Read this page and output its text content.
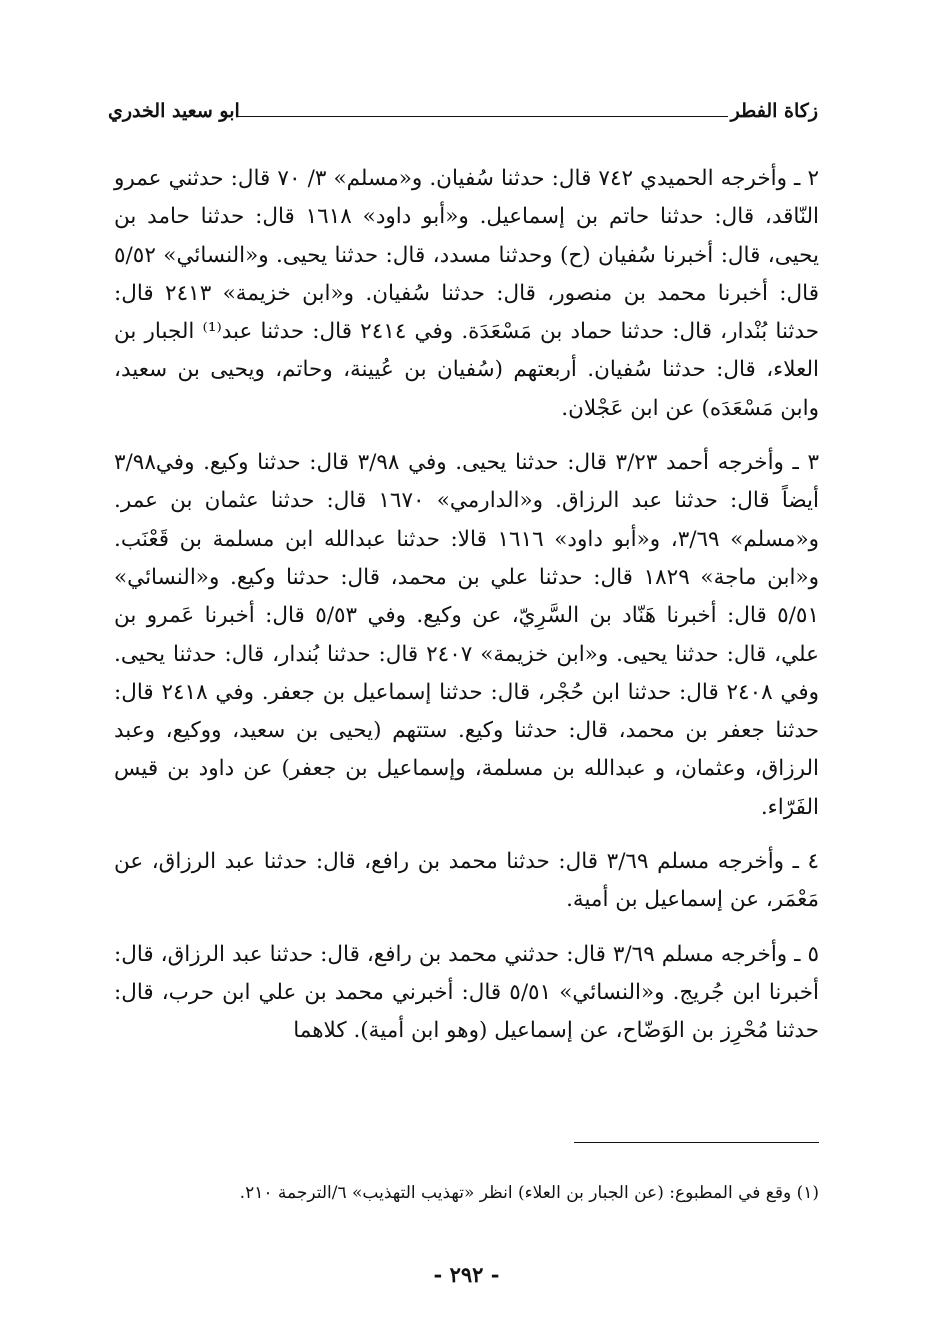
زكاة الفطر
ابو سعيد الخدري

٢ ـ وأخرجه الحميدي ٧٤٢ قال: حدثنا سُفيان. و«مسلم» ٣/ ٧٠ قال: حدثني عمرو النّاقد، قال: حدثنا حاتم بن إسماعيل. و«أبو داود» ١٦١٨ قال: حدثنا حامد بن يحيى، قال: أخبرنا سُفيان (ح) وحدثنا مسدد، قال: حدثنا يحيى. و«النسائي» ٥/٥٢ قال: أخبرنا محمد بن منصور، قال: حدثنا سُفيان. و«ابن خزيمة» ٢٤١٣ قال: حدثنا بُنْدار، قال: حدثنا حماد بن مَسْعَدَة. وفي ٢٤١٤ قال: حدثنا عبد⁽¹⁾ الجبار بن العلاء، قال: حدثنا سُفيان. أربعتهم (سُفيان بن عُيينة، وحاتم، ويحيى بن سعيد، وابن مَسْعَدَه) عن ابن عَجْلان.

٣ ـ وأخرجه أحمد ٣/٢٣ قال: حدثنا يحيى. وفي ٣/٩٨ قال: حدثنا وكيع. وفي٣/٩٨ أيضاً قال: حدثنا عبد الرزاق. و«الدارمي» ١٦٧٠ قال: حدثنا عثمان بن عمر. و«مسلم» ٣/٦٩، و«أبو داود» ١٦١٦ قالا: حدثنا عبدالله ابن مسلمة بن قَعْنَب. و«ابن ماجة» ١٨٢٩ قال: حدثنا علي بن محمد، قال: حدثنا وكيع. و«النسائي» ٥/٥١ قال: أخبرنا هَنّاد بن السَّرِيّ، عن وكيع. وفي ٥/٥٣ قال: أخبرنا عَمرو بن علي، قال: حدثنا يحيى. و«ابن خزيمة» ٢٤٠٧ قال: حدثنا بُندار، قال: حدثنا يحيى. وفي ٢٤٠٨ قال: حدثنا ابن حُجْر، قال: حدثنا إسماعيل بن جعفر. وفي ٢٤١٨ قال: حدثنا جعفر بن محمد، قال: حدثنا وكيع. ستتهم (يحيى بن سعيد، ووكيع، وعبد الرزاق، وعثمان، و عبدالله بن مسلمة، وإسماعيل بن جعفر) عن داود بن قيس الفَرّاء.

٤ ـ وأخرجه مسلم ٣/٦٩ قال: حدثنا محمد بن رافع، قال: حدثنا عبد الرزاق، عن مَعْمَر، عن إسماعيل بن أمية.

٥ ـ وأخرجه مسلم ٣/٦٩ قال: حدثني محمد بن رافع، قال: حدثنا عبد الرزاق، قال: أخبرنا ابن جُريج. و«النسائي» ٥/٥١ قال: أخبرني محمد بن علي ابن حرب، قال: حدثنا مُحْرِز بن الوَضّاح، عن إسماعيل (وهو ابن أمية). كلاهما

(١) وقع في المطبوع: (عن الجبار بن العلاء) انظر «تهذيب التهذيب» ٦/الترجمة ٢١٠.
- ٢٩٢ -
